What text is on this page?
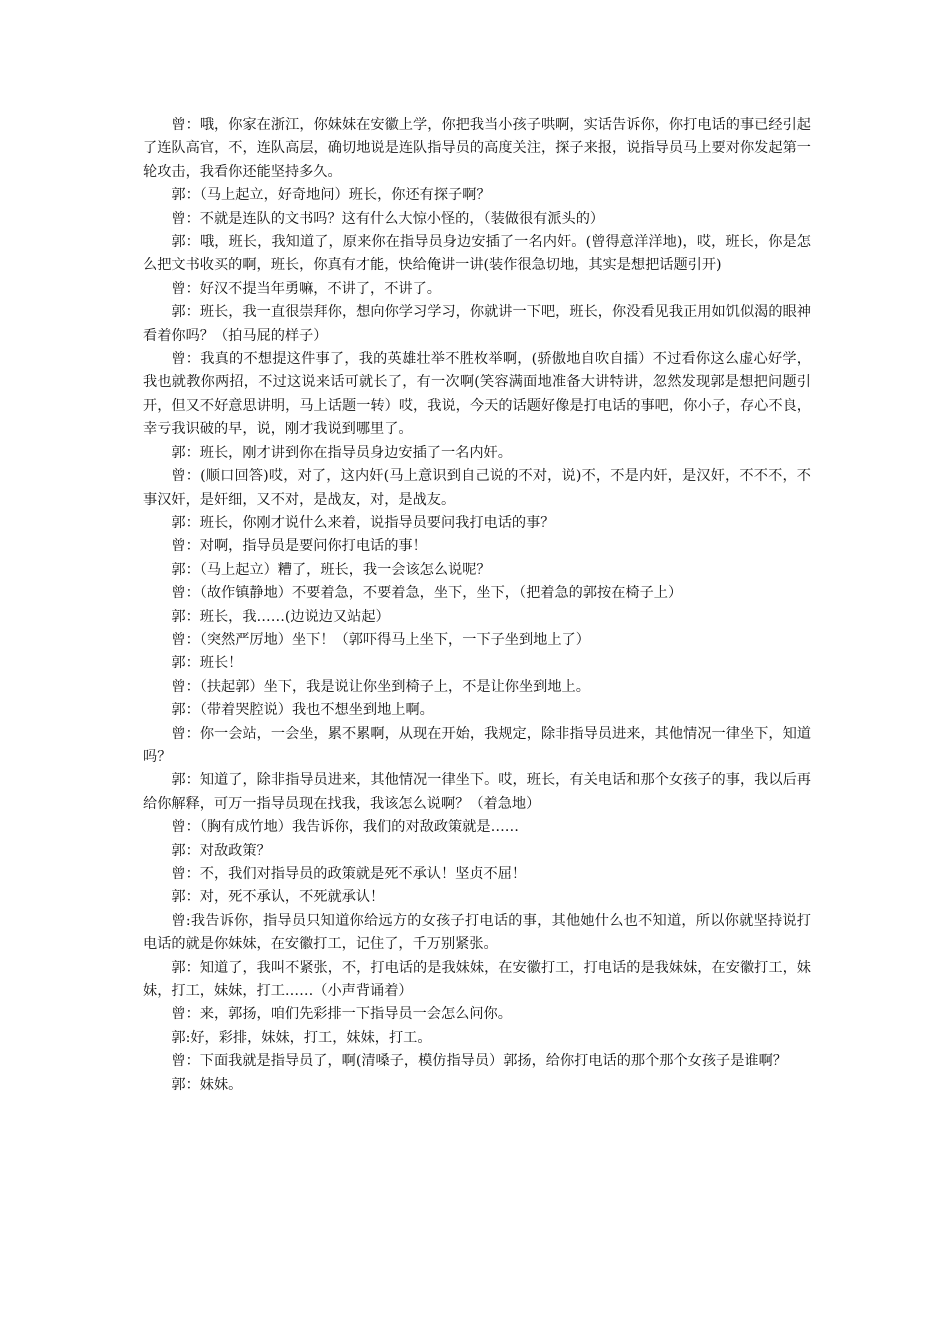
曾：哦，你家在浙江，你妹妹在安徽上学，你把我当小孩子哄啊，实话告诉你，你打电话的事已经引起了连队高官，不，连队高层，确切地说是连队指导员的高度关注，探子来报，说指导员马上要对你发起第一轮攻击，我看你还能坚持多久。

郭：（马上起立，好奇地问）班长，你还有探子啊？

曾：不就是连队的文书吗？这有什么大惊小怪的，（装做很有派头的）

郭：哦，班长，我知道了，原来你在指导员身边安插了一名内奸。(曾得意洋洋地)，哎，班长，你是怎么把文书收买的啊，班长，你真有才能，快给俺讲一讲(装作很急切地，其实是想把话题引开)

曾：好汉不提当年勇嘛，不讲了，不讲了。

郭：班长，我一直很崇拜你，想向你学习学习，你就讲一下吧，班长，你没看见我正用如饥似渴的眼神看着你吗？（拍马屁的样子）

曾：我真的不想提这件事了，我的英雄壮举不胜枚举啊，(骄傲地自吹自擂）不过看你这么虚心好学，我也就教你两招，不过这说来话可就长了，有一次啊(笑容满面地准备大讲特讲，忽然发现郭是想把问题引开，但又不好意思讲明，马上话题一转）哎，我说，今天的话题好像是打电话的事吧，你小子，存心不良，幸亏我识破的早，说，刚才我说到哪里了。

郭：班长，刚才讲到你在指导员身边安插了一名内奸。

曾：(顺口回答)哎，对了，这内奸(马上意识到自己说的不对，说)不，不是内奸，是汉奸，不不不，不事汉奸，是奸细，又不对，是战友，对，是战友。

郭：班长，你刚才说什么来着，说指导员要问我打电话的事？

曾：对啊，指导员是要问你打电话的事！

郭：（马上起立）糟了，班长，我一会该怎么说呢？

曾：（故作镇静地）不要着急，不要着急，坐下，坐下，（把着急的郭按在椅子上）

郭：班长，我……(边说边又站起）

曾：（突然严厉地）坐下！（郭吓得马上坐下，一下子坐到地上了）

郭：班长！

曾：（扶起郭）坐下，我是说让你坐到椅子上，不是让你坐到地上。

郭：（带着哭腔说）我也不想坐到地上啊。

曾：你一会站，一会坐，累不累啊，从现在开始，我规定，除非指导员进来，其他情况一律坐下，知道吗？

郭：知道了，除非指导员进来，其他情况一律坐下。哎，班长，有关电话和那个女孩子的事，我以后再给你解释，可万一指导员现在找我，我该怎么说啊？（着急地）

曾：（胸有成竹地）我告诉你，我们的对敌政策就是……

郭：对敌政策？

曾：不，我们对指导员的政策就是死不承认！坚贞不屈！

郭：对，死不承认，不死就承认！

曾:我告诉你，指导员只知道你给远方的女孩子打电话的事，其他她什么也不知道，所以你就坚持说打电话的就是你妹妹，在安徽打工，记住了，千万别紧张。

郭：知道了，我叫不紧张，不，打电话的是我妹妹，在安徽打工，打电话的是我妹妹，在安徽打工，妹妹，打工，妹妹，打工……（小声背诵着）

曾：来，郭扬，咱们先彩排一下指导员一会怎么问你。

郭:好，彩排，妹妹，打工，妹妹，打工。

曾：下面我就是指导员了，啊(清嗓子，模仿指导员）郭扬，给你打电话的那个那个女孩子是谁啊？

郭：妹妹。
